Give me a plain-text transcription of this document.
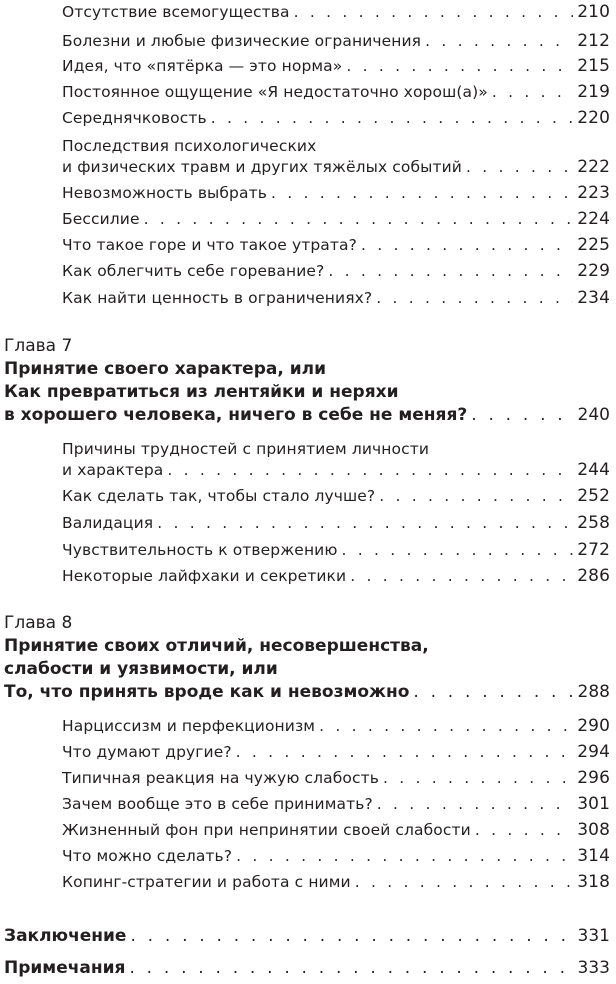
Отсутствие всемогущества . . .	210
Болезни и любые физические ограничения . . .	212
Идея, что «пятёрка — это норма» . . .	215
Постоянное ощущение «Я недостаточно хорош(а)» . . .	219
Середнячковость . . .	220
Последствия психологических
и физических травм и других тяжёлых событий . . .	222
Невозможность выбрать . . .	223
Бессилие . . .	224
Что такое горе и что такое утрата? . . .	225
Как облегчить себе горевание? . . .	229
Как найти ценность в ограничениях? . . .	234
Глава 7
Принятие своего характера, или
Как превратиться из лентяйки и неряхи
в хорошего человека, ничего в себе не меняя? . . .	240
Причины трудностей с принятием личности
и характера . . .	244
Как сделать так, чтобы стало лучше? . . .	252
Валидация . . .	258
Чувствительность к отвержению . . .	272
Некоторые лайфхаки и секретики . . .	286
Глава 8
Принятие своих отличий, несовершенства,
слабости и уязвимости, или
То, что принять вроде как и невозможно . . .	288
Нарциссизм и перфекционизм . . .	290
Что думают другие? . . .	294
Типичная реакция на чужую слабость . . .	296
Зачем вообще это в себе принимать? . . .	301
Жизненный фон при непринятии своей слабости . . .	308
Что можно сделать? . . .	314
Копинг-стратегии и работа с ними . . .	318
Заключение . . .	331
Примечания . . .	333
